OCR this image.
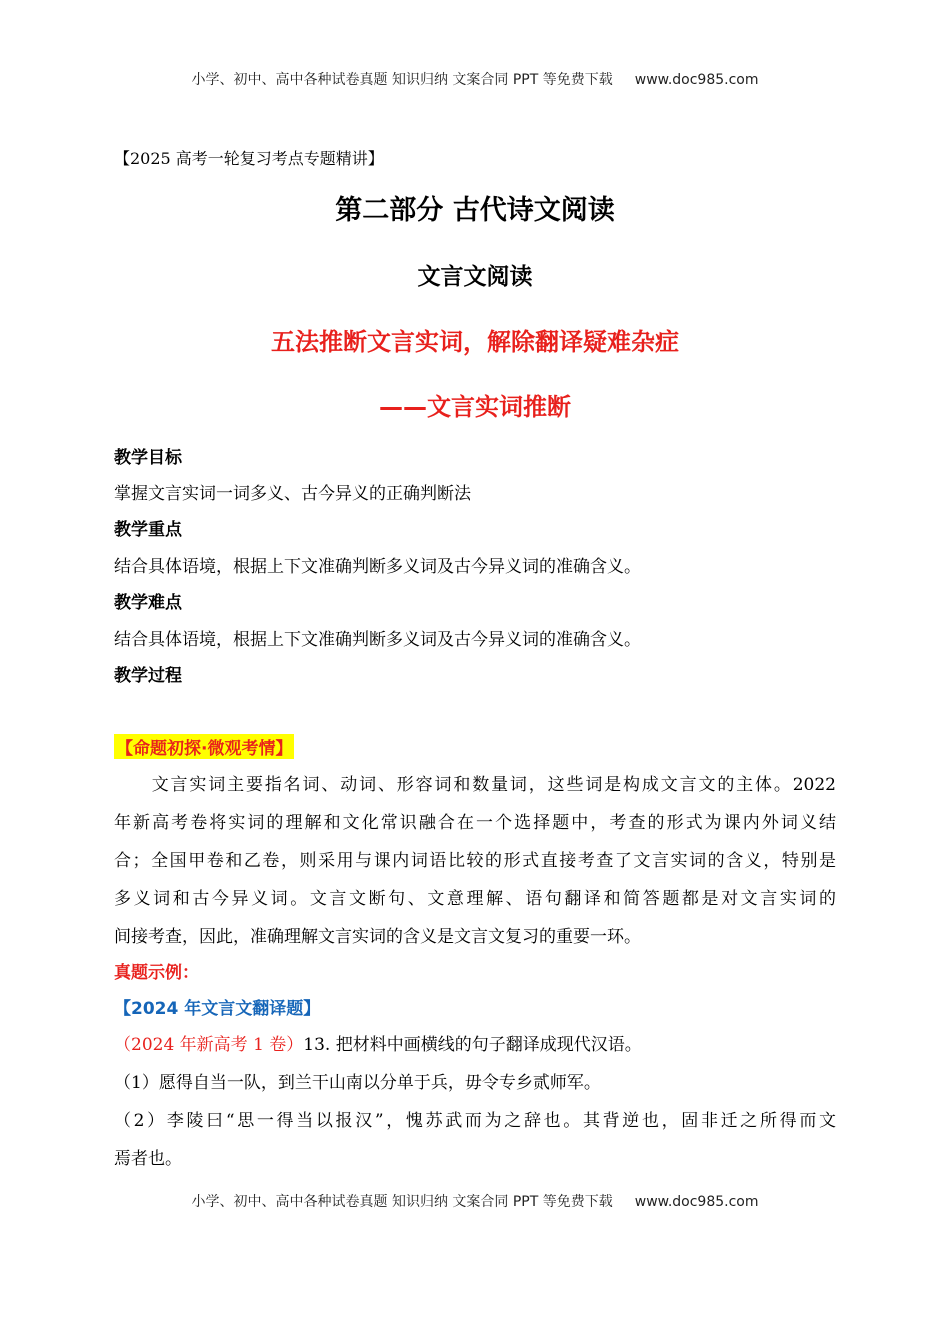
小学、初中、高中各种试卷真题 知识归纳 文案合同 PPT 等免费下载 www.doc985.com
【2025 高考一轮复习考点专题精讲】
第二部分 古代诗文阅读
文言文阅读
五法推断文言实词，解除翻译疑难杂症
——文言实词推断
教学目标
掌握文言实词一词多义、古今异义的正确判断法
教学重点
结合具体语境，根据上下文准确判断多义词及古今异义词的准确含义。
教学难点
结合具体语境，根据上下文准确判断多义词及古今异义词的准确含义。
教学过程
【命题初探·微观考情】
　　文言实词主要指名词、动词、形容词和数量词，这些词是构成文言文的主体。2022
年新高考卷将实词的理解和文化常识融合在一个选择题中，考查的形式为课内外词义结
合；全国甲卷和乙卷，则采用与课内词语比较的形式直接考查了文言实词的含义，特别是
多义词和古今异义词。文言文断句、文意理解、语句翻译和简答题都是对文言实词的
间接考查，因此，准确理解文言实词的含义是文言文复习的重要一环。
真题示例：
【2024 年文言文翻译题】
（2024 年新高考 1 卷）13. 把材料中画横线的句子翻译成现代汉语。
（1）愿得自当一队，到兰干山南以分单于兵，毋令专乡贰师军。
（2）李陵曰“思一得当以报汉”，愧苏武而为之辞也。其背逆也，固非迁之所得而文
焉者也。
小学、初中、高中各种试卷真题 知识归纳 文案合同 PPT 等免费下载 www.doc985.com
